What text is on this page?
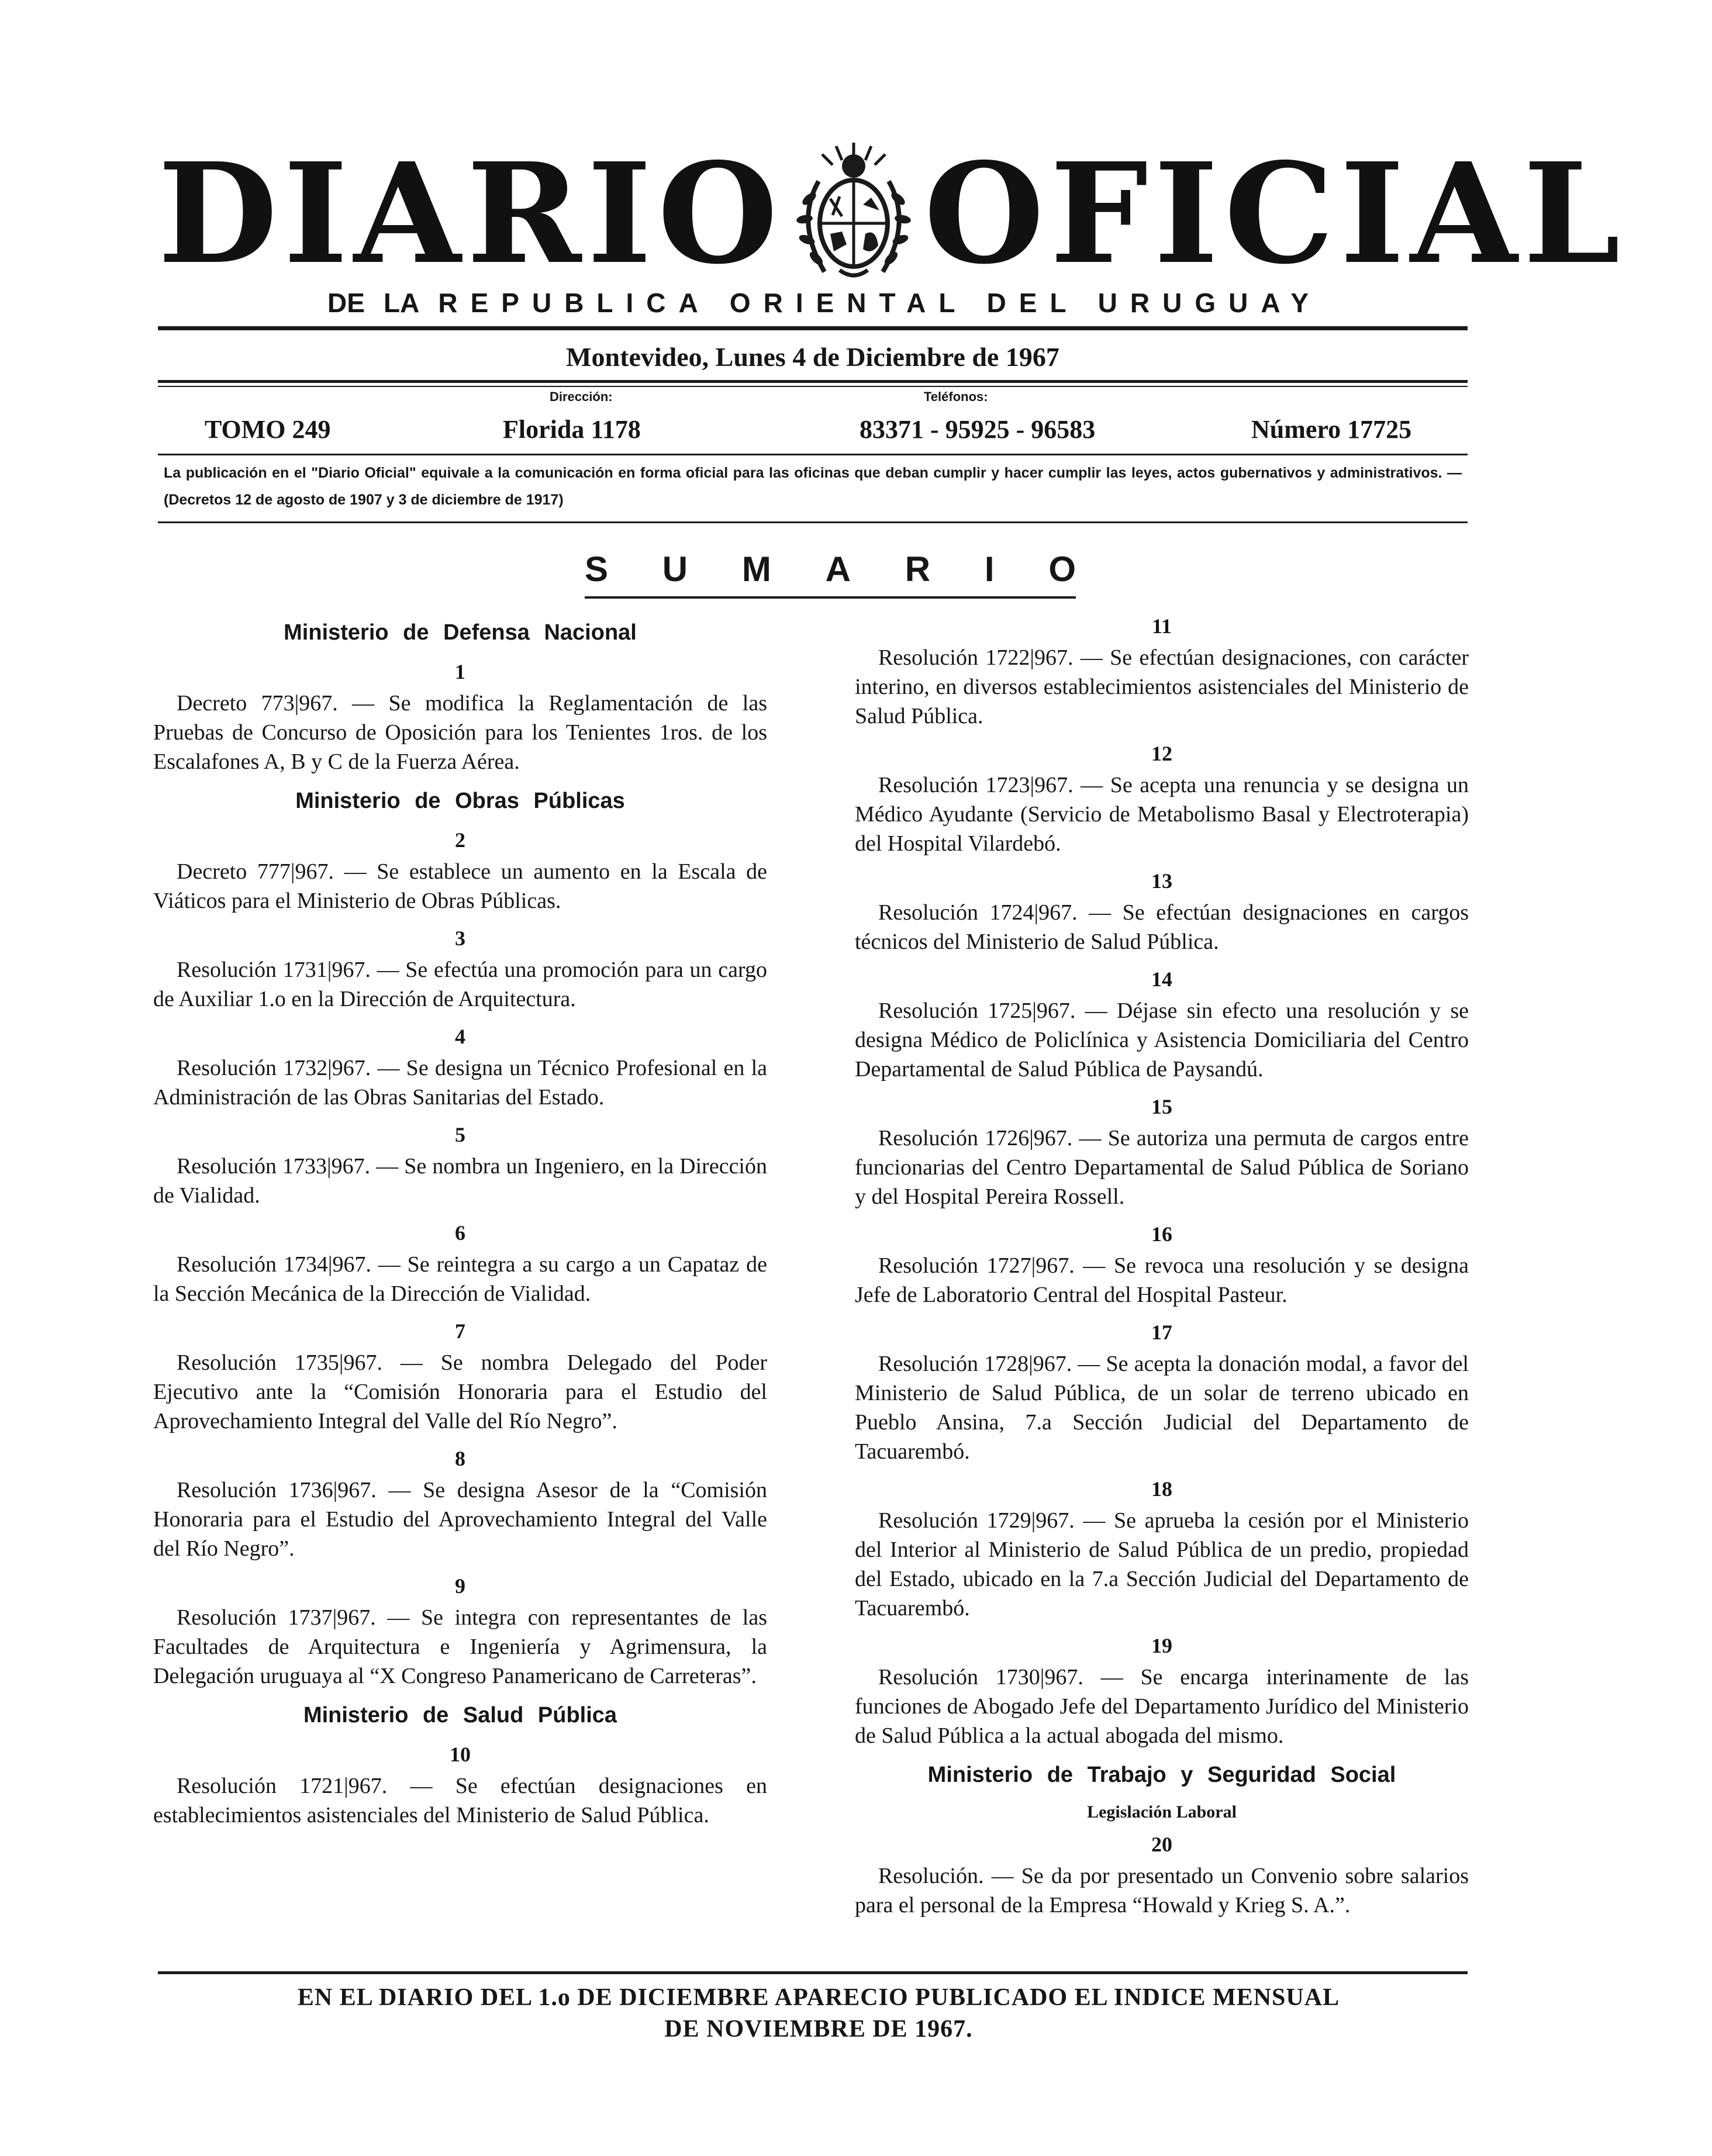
DIARIO OFICIAL
DE LA REPUBLICA ORIENTAL DEL URUGUAY
Montevideo, Lunes 4 de Diciembre de 1967
Dirección:	Teléfonos:
TOMO 249	Florida 1178	83371 - 95925 - 96583	Número 17725
La publicación en el "Diario Oficial" equivale a la comunicación en forma oficial para las oficinas que deban cumplir y hacer cumplir las leyes, actos gubernativos y administrativos. — (Decretos 12 de agosto de 1907 y 3 de diciembre de 1917)
S U M A R I O
Ministerio de Defensa Nacional
1

Decreto 773|967. — Se modifica la Reglamentación de las Pruebas de Concurso de Oposición para los Tenientes 1ros. de los Escalafones A, B y C de la Fuerza Aérea.

Ministerio de Obras Públicas
2

Decreto 777|967. — Se establece un aumento en la Escala de Viáticos para el Ministerio de Obras Públicas.

3

Resolución 1731|967. — Se efectúa una promoción para un cargo de Auxiliar 1.o en la Dirección de Arquitectura.

4

Resolución 1732|967. — Se designa un Técnico Profesional en la Administración de las Obras Sanitarias del Estado.

5

Resolución 1733|967. — Se nombra un Ingeniero, en la Dirección de Vialidad.

6

Resolución 1734|967. — Se reintegra a su cargo a un Capataz de la Sección Mecánica de la Dirección de Vialidad.

7

Resolución 1735|967. — Se nombra Delegado del Poder Ejecutivo ante la “Comisión Honoraria para el Estudio del Aprovechamiento Integral del Valle del Río Negro”.

8

Resolución 1736|967. — Se designa Asesor de la “Comisión Honoraria para el Estudio del Aprovechamiento Integral del Valle del Río Negro”.

9

Resolución 1737|967. — Se integra con representantes de las Facultades de Arquitectura e Ingeniería y Agrimensura, la Delegación uruguaya al “X Congreso Panamericano de Carreteras”.

Ministerio de Salud Pública
10

Resolución 1721|967. — Se efectúan designaciones en establecimientos asistenciales del Ministerio de Salud Pública.

11

Resolución 1722|967. — Se efectúan designaciones, con carácter interino, en diversos establecimientos asistenciales del Ministerio de Salud Pública.

12

Resolución 1723|967. — Se acepta una renuncia y se designa un Médico Ayudante (Servicio de Metabolismo Basal y Electroterapia) del Hospital Vilardebó.

13

Resolución 1724|967. — Se efectúan designaciones en cargos técnicos del Ministerio de Salud Pública.

14

Resolución 1725|967. — Déjase sin efecto una resolución y se designa Médico de Policlínica y Asistencia Domiciliaria del Centro Departamental de Salud Pública de Paysandú.

15

Resolución 1726|967. — Se autoriza una permuta de cargos entre funcionarias del Centro Departamental de Salud Pública de Soriano y del Hospital Pereira Rossell.

16

Resolución 1727|967. — Se revoca una resolución y se designa Jefe de Laboratorio Central del Hospital Pasteur.

17

Resolución 1728|967. — Se acepta la donación modal, a favor del Ministerio de Salud Pública, de un solar de terreno ubicado en Pueblo Ansina, 7.a Sección Judicial del Departamento de Tacuarembó.

18

Resolución 1729|967. — Se aprueba la cesión por el Ministerio del Interior al Ministerio de Salud Pública de un predio, propiedad del Estado, ubicado en la 7.a Sección Judicial del Departamento de Tacuarembó.

19

Resolución 1730|967. — Se encarga interinamente de las funciones de Abogado Jefe del Departamento Jurídico del Ministerio de Salud Pública a la actual abogada del mismo.

Ministerio de Trabajo y Seguridad Social
Legislación Laboral
20

Resolución. — Se da por presentado un Convenio sobre salarios para el personal de la Empresa “Howald y Krieg S. A.”.

EN EL DIARIO DEL 1.o DE DICIEMBRE APARECIO PUBLICADO EL INDICE MENSUAL
DE NOVIEMBRE DE 1967.
